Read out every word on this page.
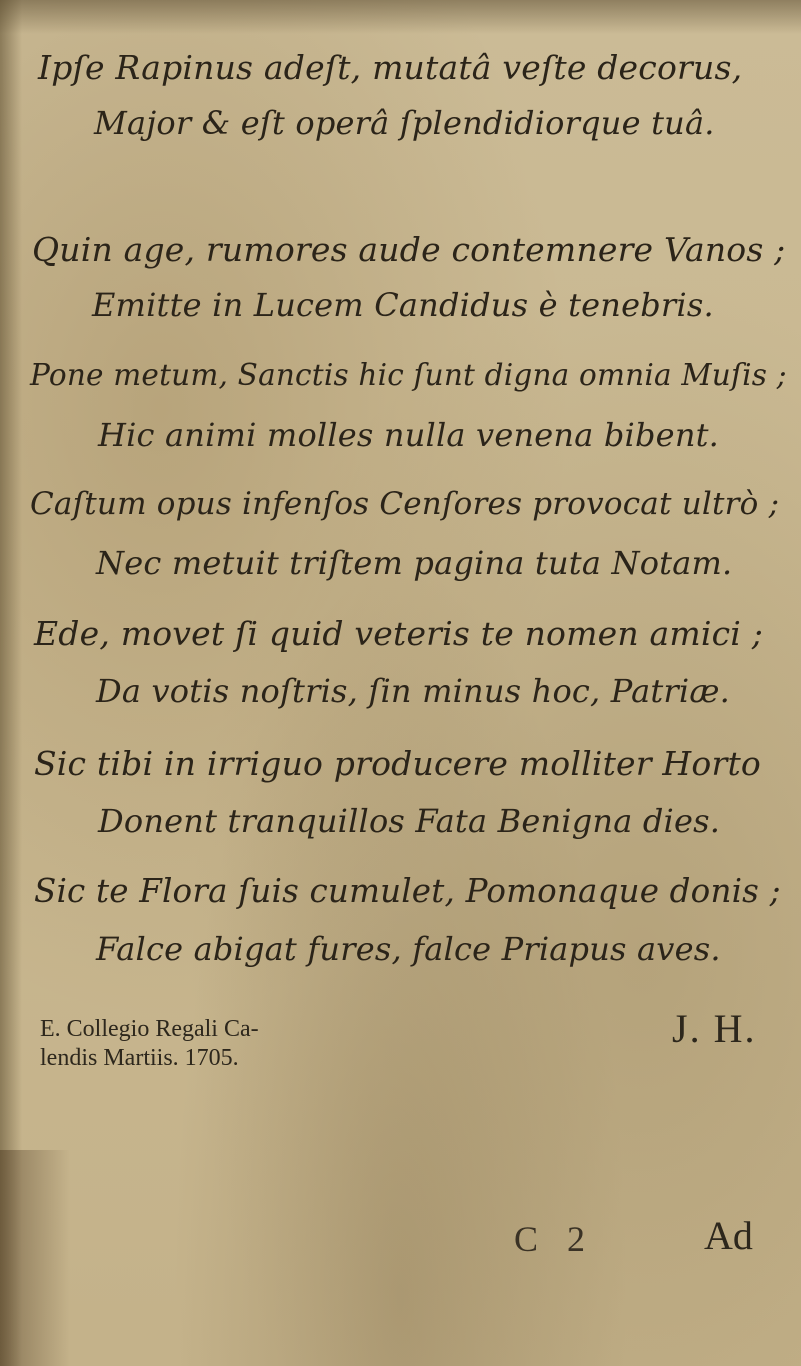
Ipſe Rapinus adeſt, mutatâ veſte decorus,
Major & eſt operâ ſplendidiorque tuâ.
Quin age, rumores aude contemnere Vanos ;
Emitte in Lucem Candidus è tenebris.
Pone metum, Sanctis hic ſunt digna omnia Muſis ;
Hic animi molles nulla venena bibent.
Caſtum opus infenſos Cenſores provocat ultrò ;
Nec metuit triſtem pagina tuta Notam.
Ede, movet ſi quid veteris te nomen amici ;
Da votis noſtris, ſin minus hoc, Patriæ.
Sic tibi in irriguo producere molliter Horto
Donent tranquillos Fata Benigna dies.
Sic te Flora ſuis cumulet, Pomonaque donis ;
Falce abigat fures, falce Priapus aves.
E. Collegio Regali Ca-
lendis Martiis. 1705.
J. H.
C 2	Ad
